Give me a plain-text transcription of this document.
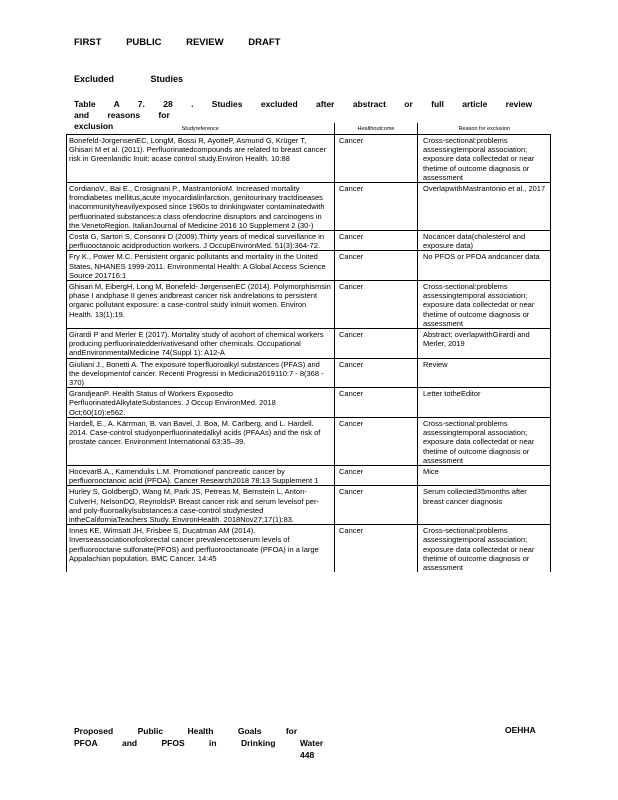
FIRST	PUBLIC	REVIEW	DRAFT
Excluded	Studies
Table A 7. 28 . Studies excluded after abstract or full article review and reasons for
exclusion	Studyreference	Healthoutcome	Reason for exclusion
Bonefeld-JorgensenEC, LongM, Bossi R, AyotteP, Asmund G, Krüger T, Ghisari M et al. (2011). Perfluorinatedcompounds are related to breast cancer risk in Greenlandic Inuit: acase control study.Environ Health. 10:88	Cancer	Cross-sectional:problems assessingtemporal association; exposure data collectedat or near thetime of outcome diagnosis or assessment
CordianoV., Bai E., Crosignani P., MastrantonioM. Increased mortality fromdiabetes mellitus,acute myocardialinfarction, genitourinary tractdiseases inacommunityheavilyexposed since 1960s to drinkingwater contaminatedwith perfluorinated substances:a class ofendocrine disruptors and carcinogens in the VenetoRegion. ItalianJournal of Medicine 2016 10 Supplement 2 (30-)	Cancer	OverlapwithMastrantonio et al., 2017
Costa G, Sartori S, Consonni D (2009).Thirty years of medical surveillance in perfluooctanoic acidproduction workers. J OccupEnvironMed. 51(3):364-72.	Cancer	Nocancer data(cholesterol and exposure data)
Fry K., Power M.C. Persistent organic pollutants and mortality in the United States, NHANES 1999-2011. Environmental Health: A Global Access Science Source 201716:1	Cancer	No PFOS or PFOA andcancer data
Ghisari M, EibergH, Long M, Bonefeld- JørgensenEC (2014). Polymorphismsin phase I andphase II genes andbreast cancer risk andrelations to persistent organic pollutant exposure: a case-control study inInuit women. Environ Health. 13(1):19.	Cancer	Cross-sectional:problems assessingtemporal association; exposure data collectedat or near thetime of outcome diagnosis or assessment
Girardi P and Merler E (2017). Mortality study of acohort of chemical workers producing perfluorinatedderivativesand other chemicals. Occupational andEnvironmentalMedicine 74(Suppl 1): A12-A	Cancer	Abstract; overlapwithGirardi and Merler, 2019
Giuliani J., Bonetti A. The exposure toperfluoroalkyl substances (PFAS) and the developmentof cancer. Recenti Progressi in Medicina2019110:7 - 8(368 - 370)	Cancer	Review
GrandjeanP. Health Status of Workers Exposedto PerfluorinatedAlkylateSubstances. J Occup EnvironMed. 2018 Oct;60(10):e562.	Cancer	Letter totheEditor
Hardell, E., A. Kärrman, B. van Bavel, J. Boa, M. Carlberg, and L. Hardell. 2014. Case-control studyonperfluorinatedalkyl acids (PFAAs) and the risk of prostate cancer. Environment International 63:35–39.	Cancer	Cross-sectional:problems assessingtemporal association; exposure data collectedat or near thetime of outcome diagnosis or assessment
HocevarB.A., Kamendulis L.M. Promotionof pancreatic cancer by perfluorooctanoic acid (PFOA). Cancer Research2018 78:13 Supplement 1	Cancer	Mice
Hurley S, GoldbergD, Wang M, Park JS, Petreas M, Bernstein L, Anton-CulverH, NelsonDO, ReynoldsP. Breast cancer risk and serum levelsof per- and poly-fluoroalkylsubstances:a case-control studynested intheCaliforniaTeachers Study. EnvironHealth. 2018Nov27;17(1):83.	Cancer	Serum collected35months after breast cancer diagnosis
Innes KE, Wimsatt JH, Frisbee S, Ducatman AM (2014). Inverseassociationofcolorectal cancer prevalencetoserum levels of perfluorooctane sulfonate(PFOS) and perfluorooctanoate (PFOA) in a large Appalachian population. BMC Cancer. 14:45	Cancer	Cross-sectional:problems assessingtemporal association; exposure data collectedat or near thetime of outcome diagnosis or assessment
Proposed	Public	Health	Goals	for
PFOA	and	PFOS	in	Drinking	Water
OEHHA
448
